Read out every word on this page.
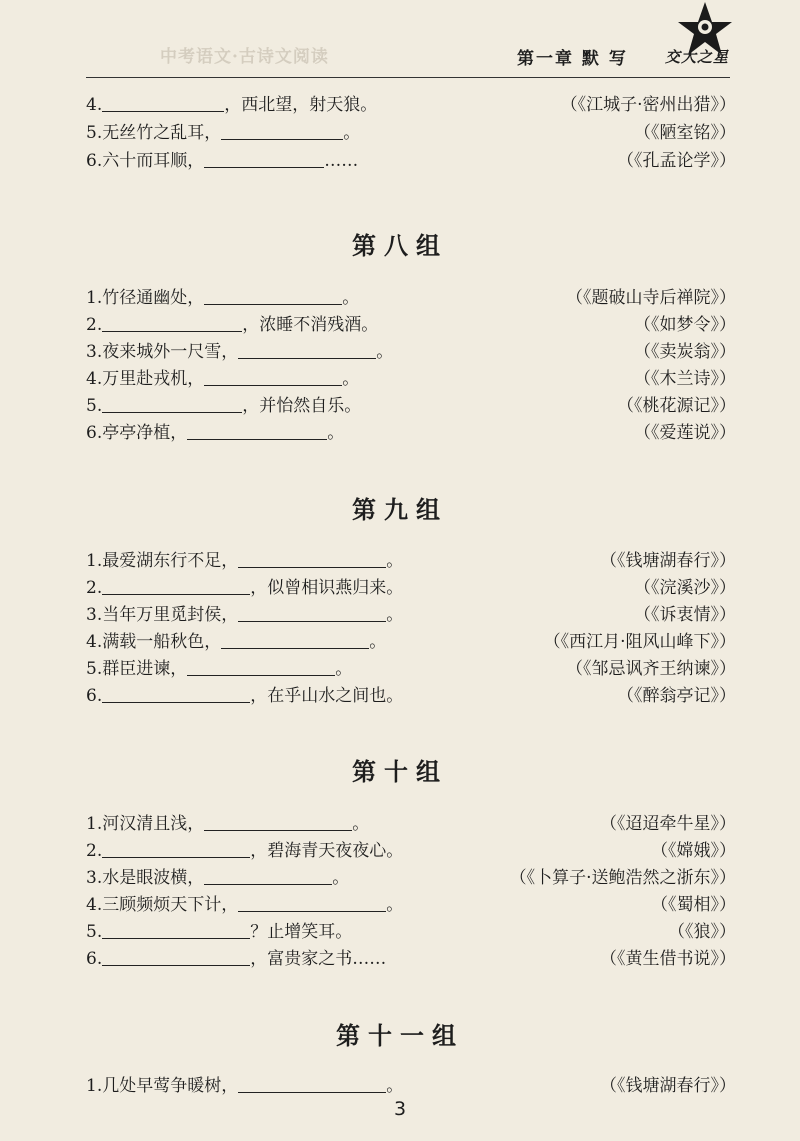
中考语文·古诗文阅读	第一章 默 写 交大之星
4.	，西北望，射天狼。	（《江城子·密州出猎》）
5.无丝竹之乱耳，	。	（《陋室铭》）
6.六十而耳顺，	……	（《孔孟论学》）
第八组
1.竹径通幽处，	。	（《题破山寺后禅院》）
2.	，浓睡不消残酒。	（《如梦令》）
3.夜来城外一尺雪，	。	（《卖炭翁》）
4.万里赴戎机，	。	（《木兰诗》）
5.	，并怡然自乐。	（《桃花源记》）
6.亭亭净植，	。	（《爱莲说》）
第九组
1.最爱湖东行不足，	。	（《钱塘湖春行》）
2.	，似曾相识燕归来。	（《浣溪沙》）
3.当年万里觅封侯，	。	（《诉衷情》）
4.满载一船秋色，	。	（《西江月·阻风山峰下》）
5.群臣进谏，	。	（《邹忌讽齐王纳谏》）
6.	，在乎山水之间也。	（《醉翁亭记》）
第十组
1.河汉清且浅，	。	（《迢迢牵牛星》）
2.	，碧海青天夜夜心。	（《嫦娥》）
3.水是眼波横，	。	（《卜算子·送鲍浩然之浙东》）
4.三顾频烦天下计，	。	（《蜀相》）
5.	？止增笑耳。	（《狼》）
6.	，富贵家之书……	（《黄生借书说》）
第十一组
1.几处早莺争暖树，	。	（《钱塘湖春行》）
3
